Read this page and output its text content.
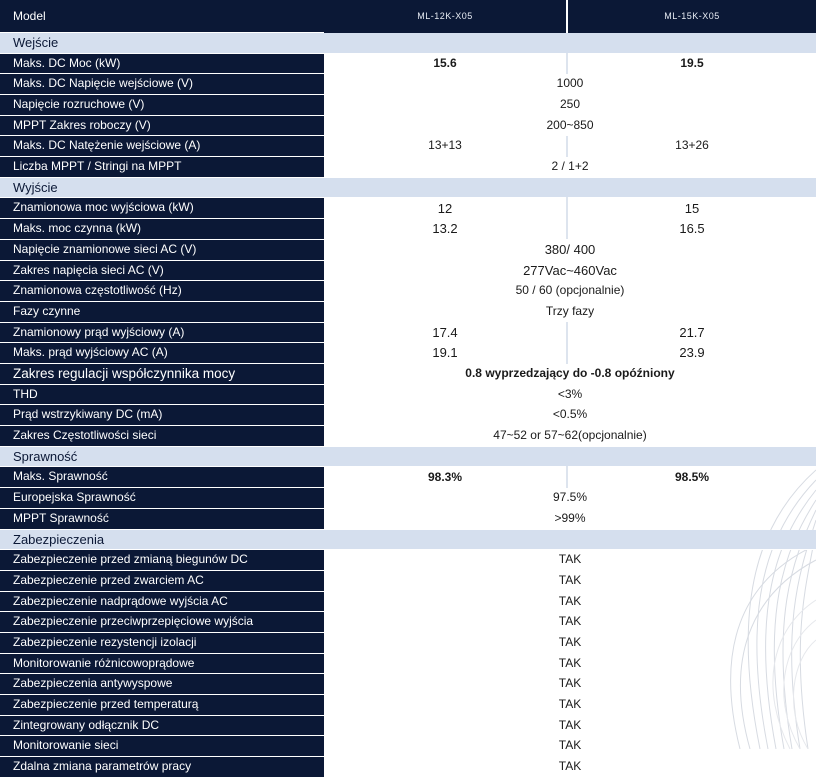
Model	ML-12K-X05	ML-15K-X05
Wejście		
Maks. DC Moc (kW)	15.6	19.5
Maks. DC Napięcie wejściowe (V)	1000	
Napięcie rozruchowe (V)	250	
MPPT Zakres roboczy (V)	200~850	
Maks. DC Natężenie wejściowe (A)	13+13	13+26
Liczba MPPT / Stringi na MPPT	2 / 1+2	
Wyjście		
Znamionowa moc wyjściowa (kW)	12	15
Maks. moc czynna (kW)	13.2	16.5
Napięcie znamionowe sieci AC (V)	380/ 400	
Zakres napięcia sieci AC (V)	277Vac~460Vac	
Znamionowa częstotliwość (Hz)	50 / 60 (opcjonalnie)	
Fazy czynne	Trzy fazy	
Znamionowy prąd wyjściowy (A)	17.4	21.7
Maks. prąd wyjściowy AC (A)	19.1	23.9
Zakres regulacji współczynnika mocy	0.8 wyprzedzający do -0.8 opóźniony	
THD	<3%	
Prąd wstrzykiwany DC (mA)	<0.5%	
Zakres Częstotliwości sieci	47~52 or 57~62(opcjonalnie)	
Sprawność		
Maks. Sprawność	98.3%	98.5%
Europejska Sprawność	97.5%	
MPPT Sprawność	>99%	
Zabezpieczenia		
Zabezpieczenie przed zmianą biegunów DC	TAK	
Zabezpieczenie przed zwarciem AC	TAK	
Zabezpieczenie nadprądowe wyjścia AC	TAK	
Zabezpieczenie przeciwprzepięciowe wyjścia	TAK	
Zabezpieczenie rezystencji izolacji	TAK	
Monitorowanie różnicowoprądowe	TAK	
Zabezpieczenia antywyspowe	TAK	
Zabezpieczenie przed temperaturą	TAK	
Zintegrowany odłącznik DC	TAK	
Monitorowanie sieci	TAK	
Zdalna zmiana parametrów pracy	TAK	
